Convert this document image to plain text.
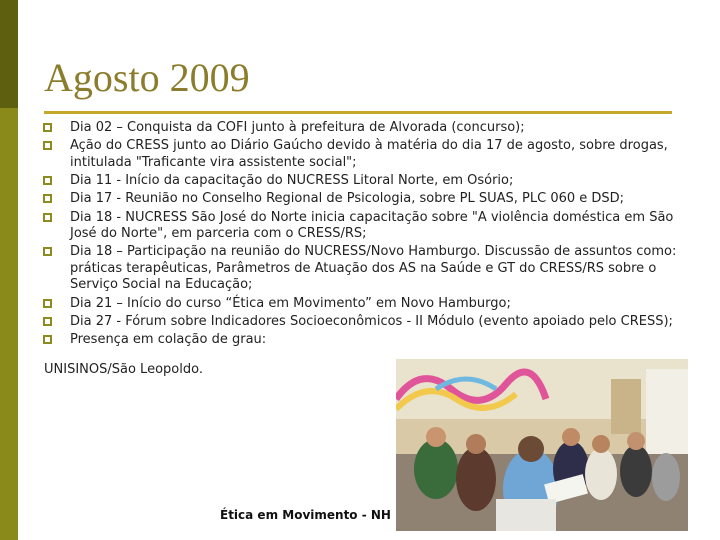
Agosto 2009
Dia 02 – Conquista da COFI junto à prefeitura de Alvorada (concurso);
Ação do CRESS junto ao Diário Gaúcho devido à matéria do dia 17 de agosto, sobre drogas, intitulada "Traficante vira assistente social";
Dia 11 - Início da capacitação do NUCRESS Litoral Norte, em Osório;
Dia 17 - Reunião no Conselho Regional de Psicologia, sobre PL SUAS, PLC 060 e DSD;
Dia 18 - NUCRESS São José do Norte inicia capacitação sobre "A violência doméstica em São José do Norte", em parceria com o CRESS/RS;
Dia 18 – Participação na reunião do NUCRESS/Novo Hamburgo. Discussão de assuntos como: práticas terapêuticas, Parâmetros de Atuação dos AS na Saúde e GT do CRESS/RS sobre o Serviço Social na Educação;
Dia 21 – Início do curso “Ética em Movimento” em Novo Hamburgo;
Dia 27 - Fórum sobre Indicadores Socioeconômicos - II Módulo (evento apoiado pelo CRESS);
Presença em colação de grau:
UNISINOS/São Leopoldo.
Ética em Movimento - NH
